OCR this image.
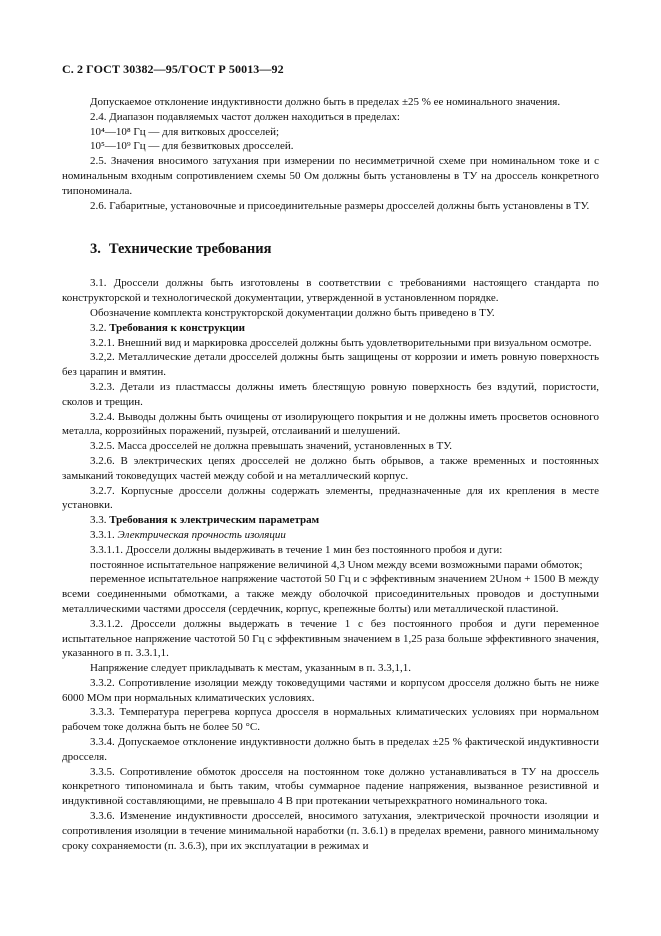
С. 2 ГОСТ 30382—95/ГОСТ Р 50013—92

Допускаемое отклонение индуктивности должно быть в пределах ±25 % ее номинального значения.

2.4. Диапазон подавляемых частот должен находиться в пределах:

10⁴—10⁸ Гц — для витковых дросселей;

10⁵—10⁹ Гц — для безвитковых дросселей.

2.5. Значения вносимого затухания при измерении по несимметричной схеме при номинальном токе и с номинальным входным сопротивлением схемы 50 Ом должны быть установлены в ТУ на дроссель конкретного типономинала.

2.6. Габаритные, установочные и присоединительные размеры дросселей должны быть установлены в ТУ.

3. Технические требования

3.1. Дроссели должны быть изготовлены в соответствии с требованиями настоящего стандарта по конструкторской и технологической документации, утвержденной в установленном порядке.

Обозначение комплекта конструкторской документации должно быть приведено в ТУ.

3.2. Требования к конструкции

3.2.1. Внешний вид и маркировка дросселей должны быть удовлетворительными при визуальном осмотре.

3.2,2. Металлические детали дросселей должны быть защищены от коррозии и иметь ровную поверхность без царапин и вмятин.

3.2.3. Детали из пластмассы должны иметь блестящую ровную поверхность без вздутий, пористости, сколов и трещин.

3.2.4. Выводы должны быть очищены от изолирующего покрытия и не должны иметь просветов основного металла, коррозийных поражений, пузырей, отслаиваний и шелушений.

3.2.5. Масса дросселей не должна превышать значений, установленных в ТУ.

3.2.6. В электрических цепях дросселей не должно быть обрывов, а также временных и постоянных замыканий токоведущих частей между собой и на металлический корпус.

3.2.7. Корпусные дроссели должны содержать элементы, предназначенные для их крепления в месте установки.

3.3. Требования к электрическим параметрам

3.3.1. Электрическая прочность изоляции

3.3.1.1. Дроссели должны выдерживать в течение 1 мин без постоянного пробоя и дуги:

постоянное испытательное напряжение величиной 4,3 Uном между всеми возможными парами обмоток;

переменное испытательное напряжение частотой 50 Гц и с эффективным значением 2Uном + 1500 В между всеми соединенными обмотками, а также между оболочкой присоединительных проводов и доступными металлическими частями дросселя (сердечник, корпус, крепежные болты) или металлической пластиной.

3.3.1.2. Дроссели должны выдержать в течение 1 с без постоянного пробоя и дуги переменное испытательное напряжение частотой 50 Гц с эффективным значением в 1,25 раза больше эффективного значения, указанного в п. 3.3.1,1.

Напряжение следует прикладывать к местам, указанным в п. 3.3,1,1.

3.3.2. Сопротивление изоляции между токоведущими частями и корпусом дросселя должно быть не ниже 6000 МОм при нормальных климатических условиях.

3.3.3. Температура перегрева корпуса дросселя в нормальных климатических условиях при нормальном рабочем токе должна быть не более 50 °С.

3.3.4. Допускаемое отклонение индуктивности должно быть в пределах ±25 % фактической индуктивности дросселя.

3.3.5. Сопротивление обмоток дросселя на постоянном токе должно устанавливаться в ТУ на дроссель конкретного типономинала и быть таким, чтобы суммарное падение напряжения, вызванное резистивной и индуктивной составляющими, не превышало 4 В при протекании четырехкратного номинального тока.

3.3.6. Изменение индуктивности дросселей, вносимого затухания, электрической прочности изоляции и сопротивления изоляции в течение минимальной наработки (п. 3.6.1) в пределах времени, равного минимальному сроку сохраняемости (п. 3.6.3), при их эксплуатации в режимах и
